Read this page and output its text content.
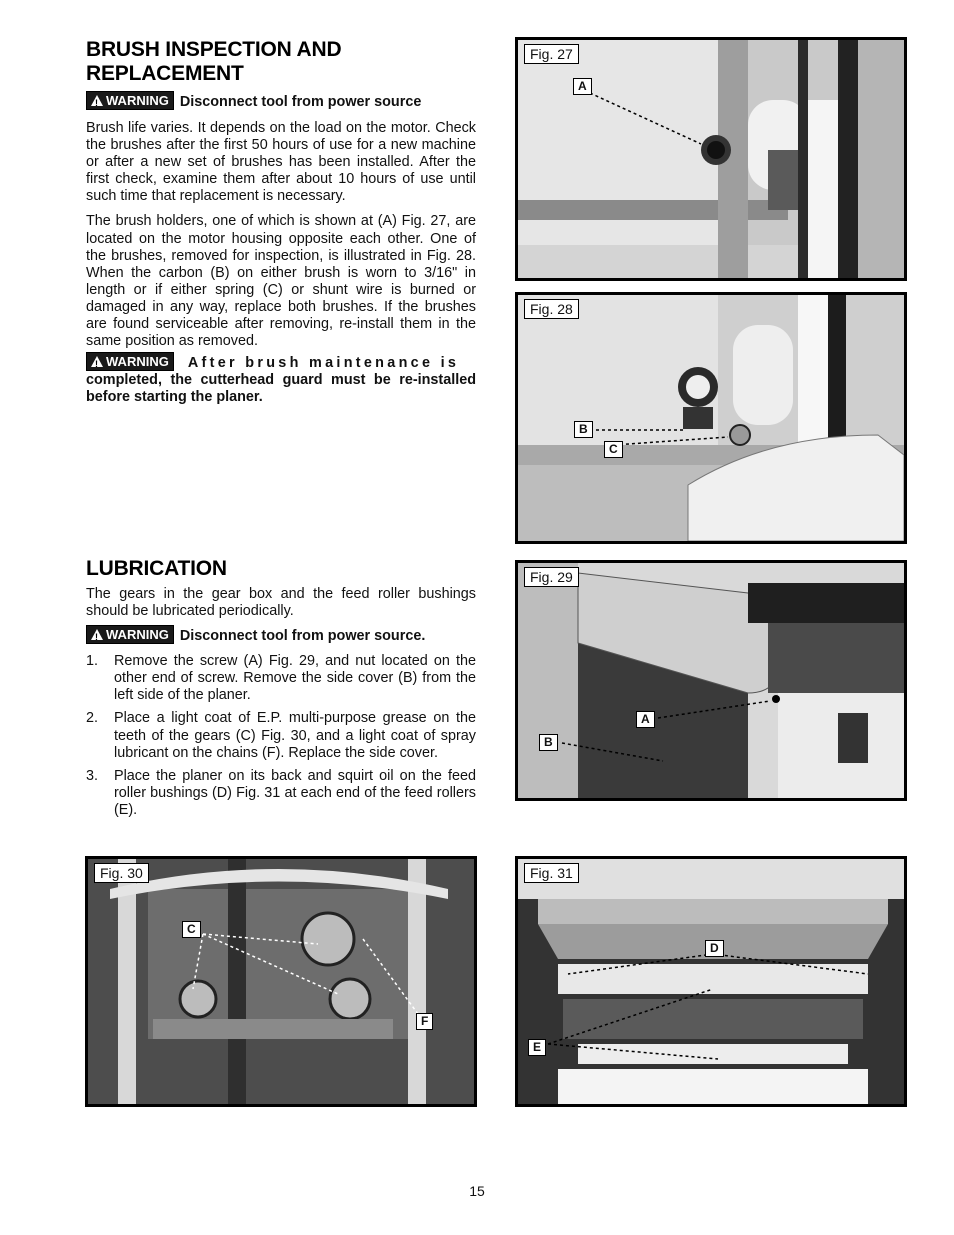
BRUSH INSPECTION AND REPLACEMENT
!WARNING Disconnect tool from power source

Brush life varies. It depends on the load on the motor. Check the brushes after the first 50 hours of use for a new machine or after a new set of brushes has been installed. After the first check, examine them after about 10 hours of use until such time that replacement is necessary.

The brush holders, one of which is shown at (A) Fig. 27, are located on the motor housing opposite each other. One of the brushes, removed for inspection, is illustrated in Fig. 28. When the carbon (B) on either brush is worn to 3/16" in length or if either spring (C) or shunt wire is burned or damaged in any way, replace both brushes. If the brushes are found serviceable after removing, re-install them in the same position as removed.

!WARNING After brush maintenance is
completed, the cutterhead guard must be re-installed before starting the planer.
LUBRICATION

The gears in the gear box and the feed roller bushings should be lubricated periodically.

!WARNING Disconnect tool from power source.
1. Remove the screw (A) Fig. 29, and nut located on the other end of screw. Remove the side cover (B) from the left side of the planer.
2. Place a light coat of E.P. multi-purpose grease on the teeth of the gears (C) Fig. 30, and a light coat of spray lubricant on the chains (F). Replace the side cover.
3. Place the planer on its back and squirt oil on the feed roller bushings (D) Fig. 31 at each end of the feed rollers (E).
Fig. 27
A
Fig. 28
B
C
Fig. 29
A
B
Fig. 30
C
F
Fig. 31
D
E
15
